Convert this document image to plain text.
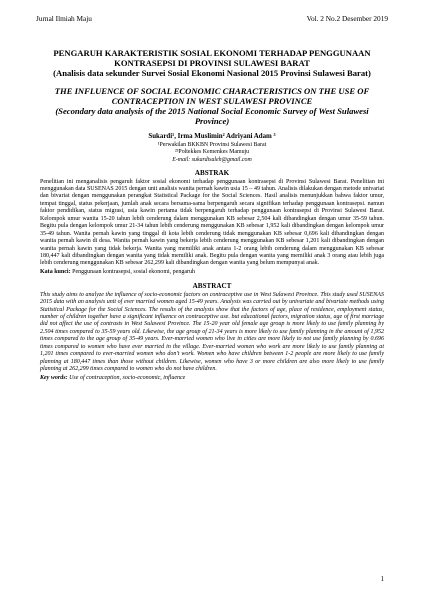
Jurnal Ilmiah Maju	Vol. 2 No.2 Desember 2019
PENGARUH KARAKTERISTIK SOSIAL EKONOMI TERHADAP PENGGUNAAN KONTRASEPSI DI PROVINSI SULAWESI BARAT
(Analisis data sekunder Survei Sosial Ekonomi Nasional 2015 Provinsi Sulawesi Barat)
THE INFLUENCE OF SOCIAL ECONOMIC CHARACTERISTICS ON THE USE OF CONTRACEPTION IN WEST SULAWESI PROVINCE
(Secondary data analysis of the 2015 National Social Economic Survey of West Sulawesi Province)
Sukardi¹, Irma Muslimin² Adriyani Adam ³
¹Perwakilan BKKBN Provinsi Sulawesi Barat
²³Poltekkes Kemenkes Mamuju
E-mail: sukardisaleh@gmail.com
ABSTRAK
Penelitian ini menganalisis pengaruh faktor sosial ekonomi terhadap penggunaan kontrasepsi di Provinsi Sulawesi Barat. Penelitian ini menggunakan data SUSENAS 2015 dengan unit analisis wanita pernah kawin usia 15 – 49 tahun. Analisis dilakukan dengan metode univariat dan bivariat dengan menggunakan perangkat Statistical Package for the Social Sciences. Hasil analisis menunjukkan bahwa faktor umur, tempat tinggal, status pekerjaan, jumlah anak secara bersama-sama berpengaruh secara signifikan terhadap penggunaan kontrasepsi. namun faktor pendidikan, status migrasi, usia kawin pertama tidak berpengaruh terhadap penggunaan kontrasepsi di Provinsi Sulawesi Barat. Kelompok umur wanita 15-20 tahun lebih cenderung dalam menggunakan KB sebesar 2,504 kali dibandingkan dengan umur 35-59 tahun. Begitu pula dengan kelompok umur 21-34 tahun lebih cenderung menggunakan KB sebesar 1,952 kali dibandingkan dengan kelompok umur 35-49 tahun. Wanita pernah kawin yang tinggal di kota lebih cenderung tidak menggunakan KB sebesar 0,696 kali dibandingkan dengan wanita pernah kawin di desa. Wanita pernah kawin yang bekerja lebih cenderung menggunakan KB sebesar 1,201 kali dibandingkan dengan wanita pernah kawin yang tidak bekerja. Wanita yang memiliki anak antara 1-2 orang lebih cenderung dalam menggunakan KB sebesar 180,447 kali dibandingkan dengan wanita yang tidak memiliki anak. Begitu pula dengan wanita yang memiliki anak 3 orang atau lebih juga lebih cenderung menggunakan KB sebesar 262,299 kali dibandingkan dengan wanita yang belum mempunyai anak.
Kata kunci: Penggunaan kontrasepsi, sosial ekonomi, pengaruh
ABSTRACT
This study aims to analyze the influence of socio-economic factors on contraceptive use in West Sulawesi Province. This study used SUSENAS 2015 data with an analysis unit of ever married women aged 15-49 years. Analysis was carried out by univariate and bivariate methods using Statistical Package for the Social Sciences. The results of the analysis show that the factors of age, place of residence, employment status, number of children together have a significant influence on contraceptive use. but educational factors, migration status, age of first marriage did not affect the use of contrasts in West Sulawesi Province. The 15-20 year old female age group is more likely to use family planning by 2.504 times compared to 35-59 years old. Likewise, the age group of 21-34 years is more likely to use family planning in the amount of 1,952 times compared to the age group of 35-49 years. Ever-married women who live in cities are more likely to not use family planning by 0.696 times compared to women who have ever married in the village. Ever-married women who work are more likely to use family planning at 1,201 times compared to ever-married women who don't work. Women who have children between 1-2 people are more likely to use family planning at 180,447 times than those without children. Likewise, women who have 3 or more children are also more likely to use family planning at 262,299 times compared to women who do not have children.
Key words: Use of contraception, socio-economic, influence
1
